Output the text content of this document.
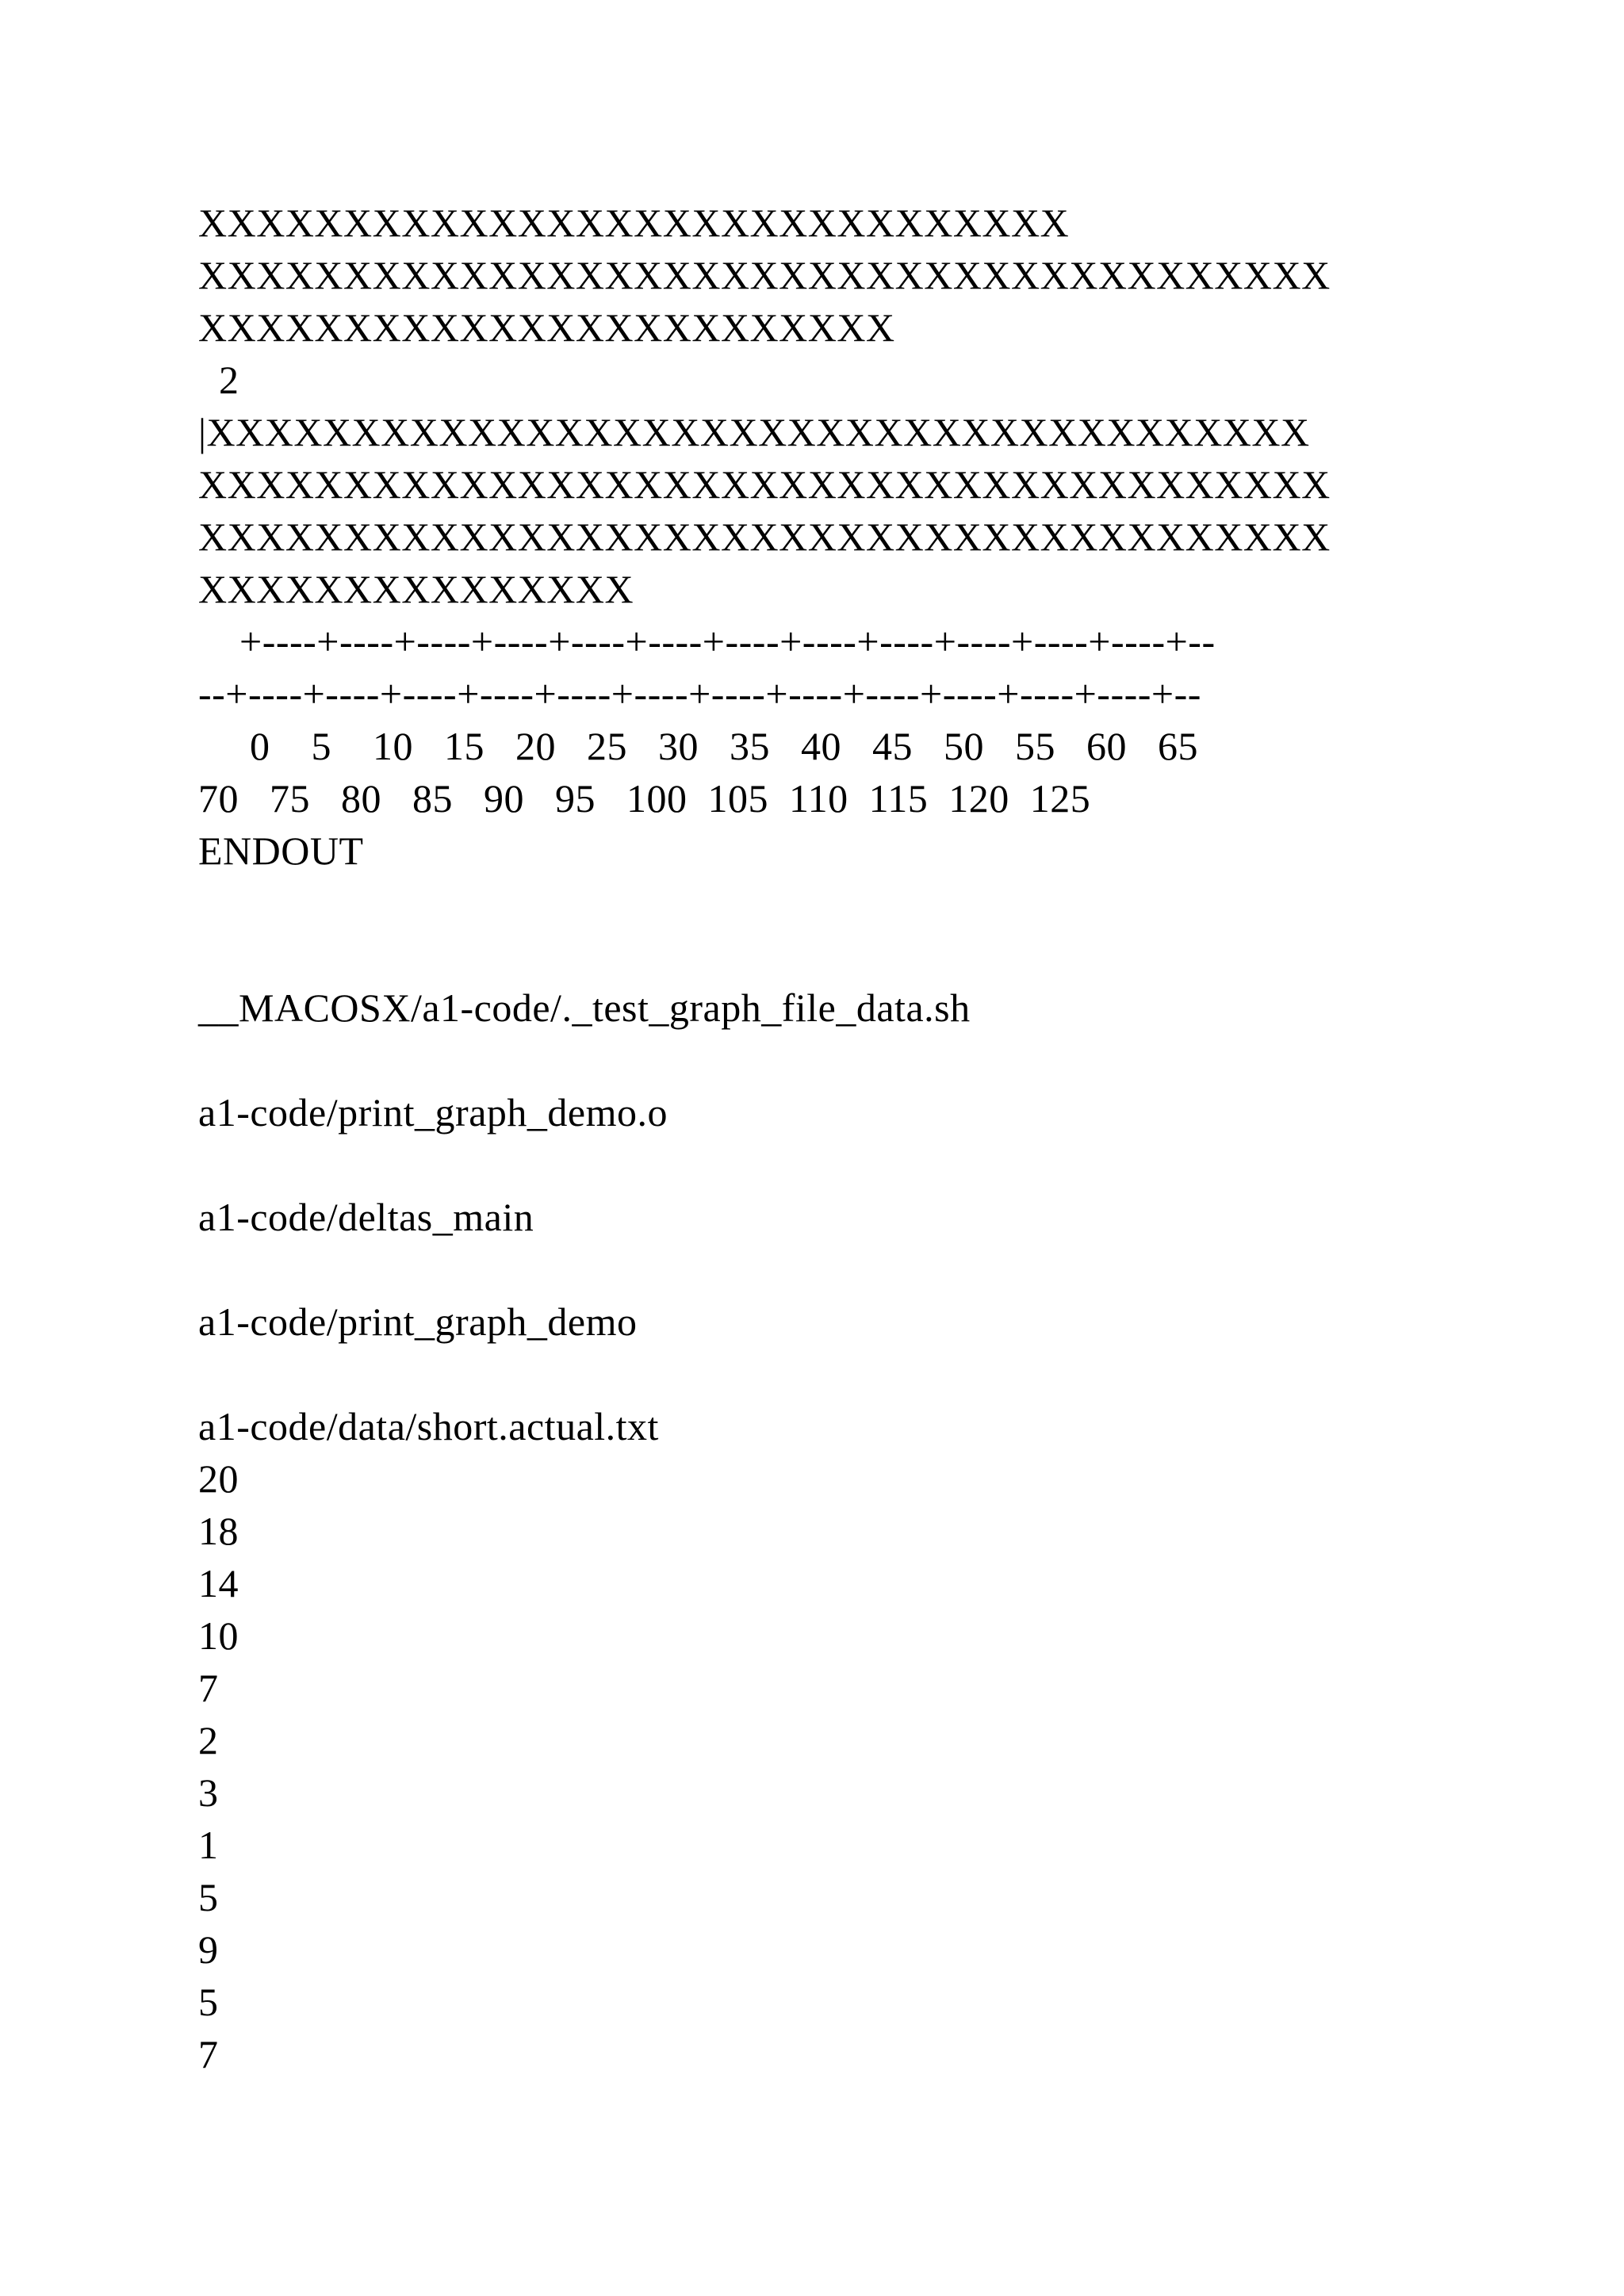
XXXXXXXXXXXXXXXXXXXXXXXXXXXXXX
XXXXXXXXXXXXXXXXXXXXXXXXXXXXXXXXXXXXXXX
XXXXXXXXXXXXXXXXXXXXXXXX
2
|XXXXXXXXXXXXXXXXXXXXXXXXXXXXXXXXXXXXXX
XXXXXXXXXXXXXXXXXXXXXXXXXXXXXXXXXXXXXXX
XXXXXXXXXXXXXXXXXXXXXXXXXXXXXXXXXXXXXXX
XXXXXXXXXXXXXXX
+----+----+----+----+----+----+----+----+----+----+----+----+--
--+----+----+----+----+----+----+----+----+----+----+----+----+--
0    5    10   15   20   25   30   35   40   45   50   55   60   65
70   75   80   85   90   95   100  105  110  115  120  125
ENDOUT
__MACOSX/a1-code/._test_graph_file_data.sh
a1-code/print_graph_demo.o
a1-code/deltas_main
a1-code/print_graph_demo
a1-code/data/short.actual.txt
20
18
14
10
7
2
3
1
5
9
5
7
